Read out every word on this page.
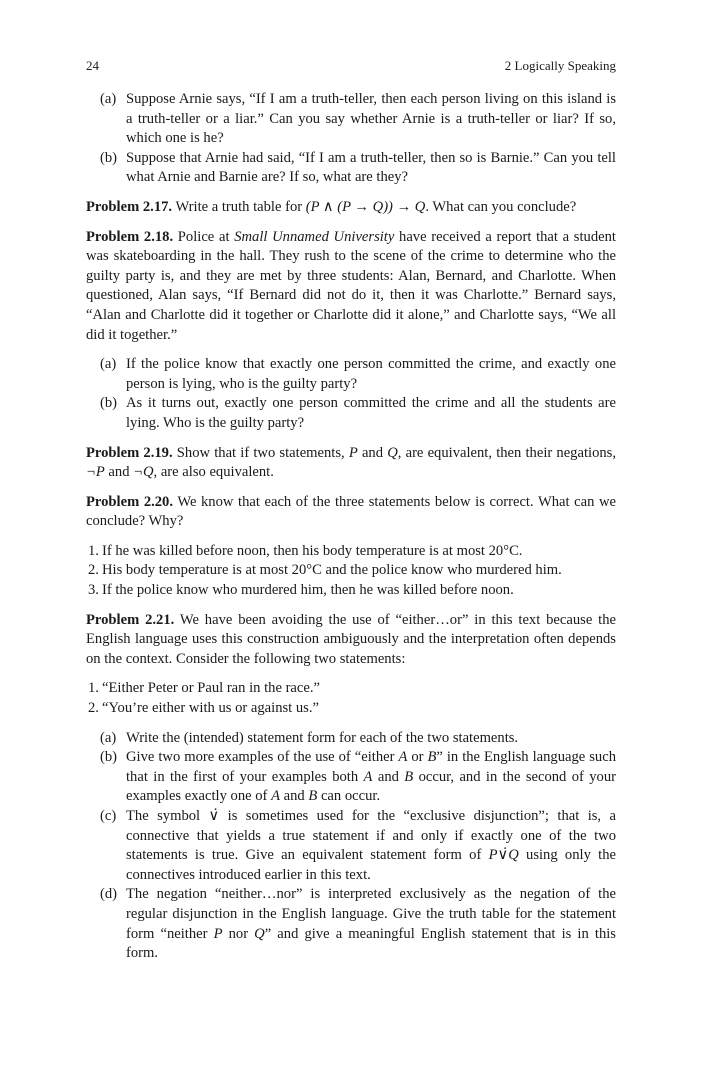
24	2 Logically Speaking
(a) Suppose Arnie says, “If I am a truth-teller, then each person living on this island is a truth-teller or a liar.” Can you say whether Arnie is a truth-teller or liar? If so, which one is he?
(b) Suppose that Arnie had said, “If I am a truth-teller, then so is Barnie.” Can you tell what Arnie and Barnie are? If so, what are they?

Problem 2.17. Write a truth table for (P ∧ (P → Q)) → Q. What can you conclude?

Problem 2.18. Police at Small Unnamed University have received a report that a student was skateboarding in the hall. They rush to the scene of the crime to determine who the guilty party is, and they are met by three students: Alan, Bernard, and Charlotte. When questioned, Alan says, “If Bernard did not do it, then it was Charlotte.” Bernard says, “Alan and Charlotte did it together or Charlotte did it alone,” and Charlotte says, “We all did it together.”

(a) If the police know that exactly one person committed the crime, and exactly one person is lying, who is the guilty party?
(b) As it turns out, exactly one person committed the crime and all the students are lying. Who is the guilty party?

Problem 2.19. Show that if two statements, P and Q, are equivalent, then their negations, ¬P and ¬Q, are also equivalent.

Problem 2.20. We know that each of the three statements below is correct. What can we conclude? Why?

1. If he was killed before noon, then his body temperature is at most 20°C.
2. His body temperature is at most 20°C and the police know who murdered him.
3. If the police know who murdered him, then he was killed before noon.

Problem 2.21. We have been avoiding the use of “either…or” in this text because the English language uses this construction ambiguously and the interpretation often depends on the context. Consider the following two statements:

1. “Either Peter or Paul ran in the race.”
2. “You’re either with us or against us.”
(a) Write the (intended) statement form for each of the two statements.
(b) Give two more examples of the use of “either A or B” in the English language such that in the first of your examples both A and B occur, and in the second of your examples exactly one of A and B can occur.
(c) The symbol ∨̇ is sometimes used for the “exclusive disjunction”; that is, a connective that yields a true statement if and only if exactly one of the two statements is true. Give an equivalent statement form of P∨̇Q using only the connectives introduced earlier in this text.
(d) The negation “neither…nor” is interpreted exclusively as the negation of the regular disjunction in the English language. Give the truth table for the statement form “neither P nor Q” and give a meaningful English statement that is in this form.
